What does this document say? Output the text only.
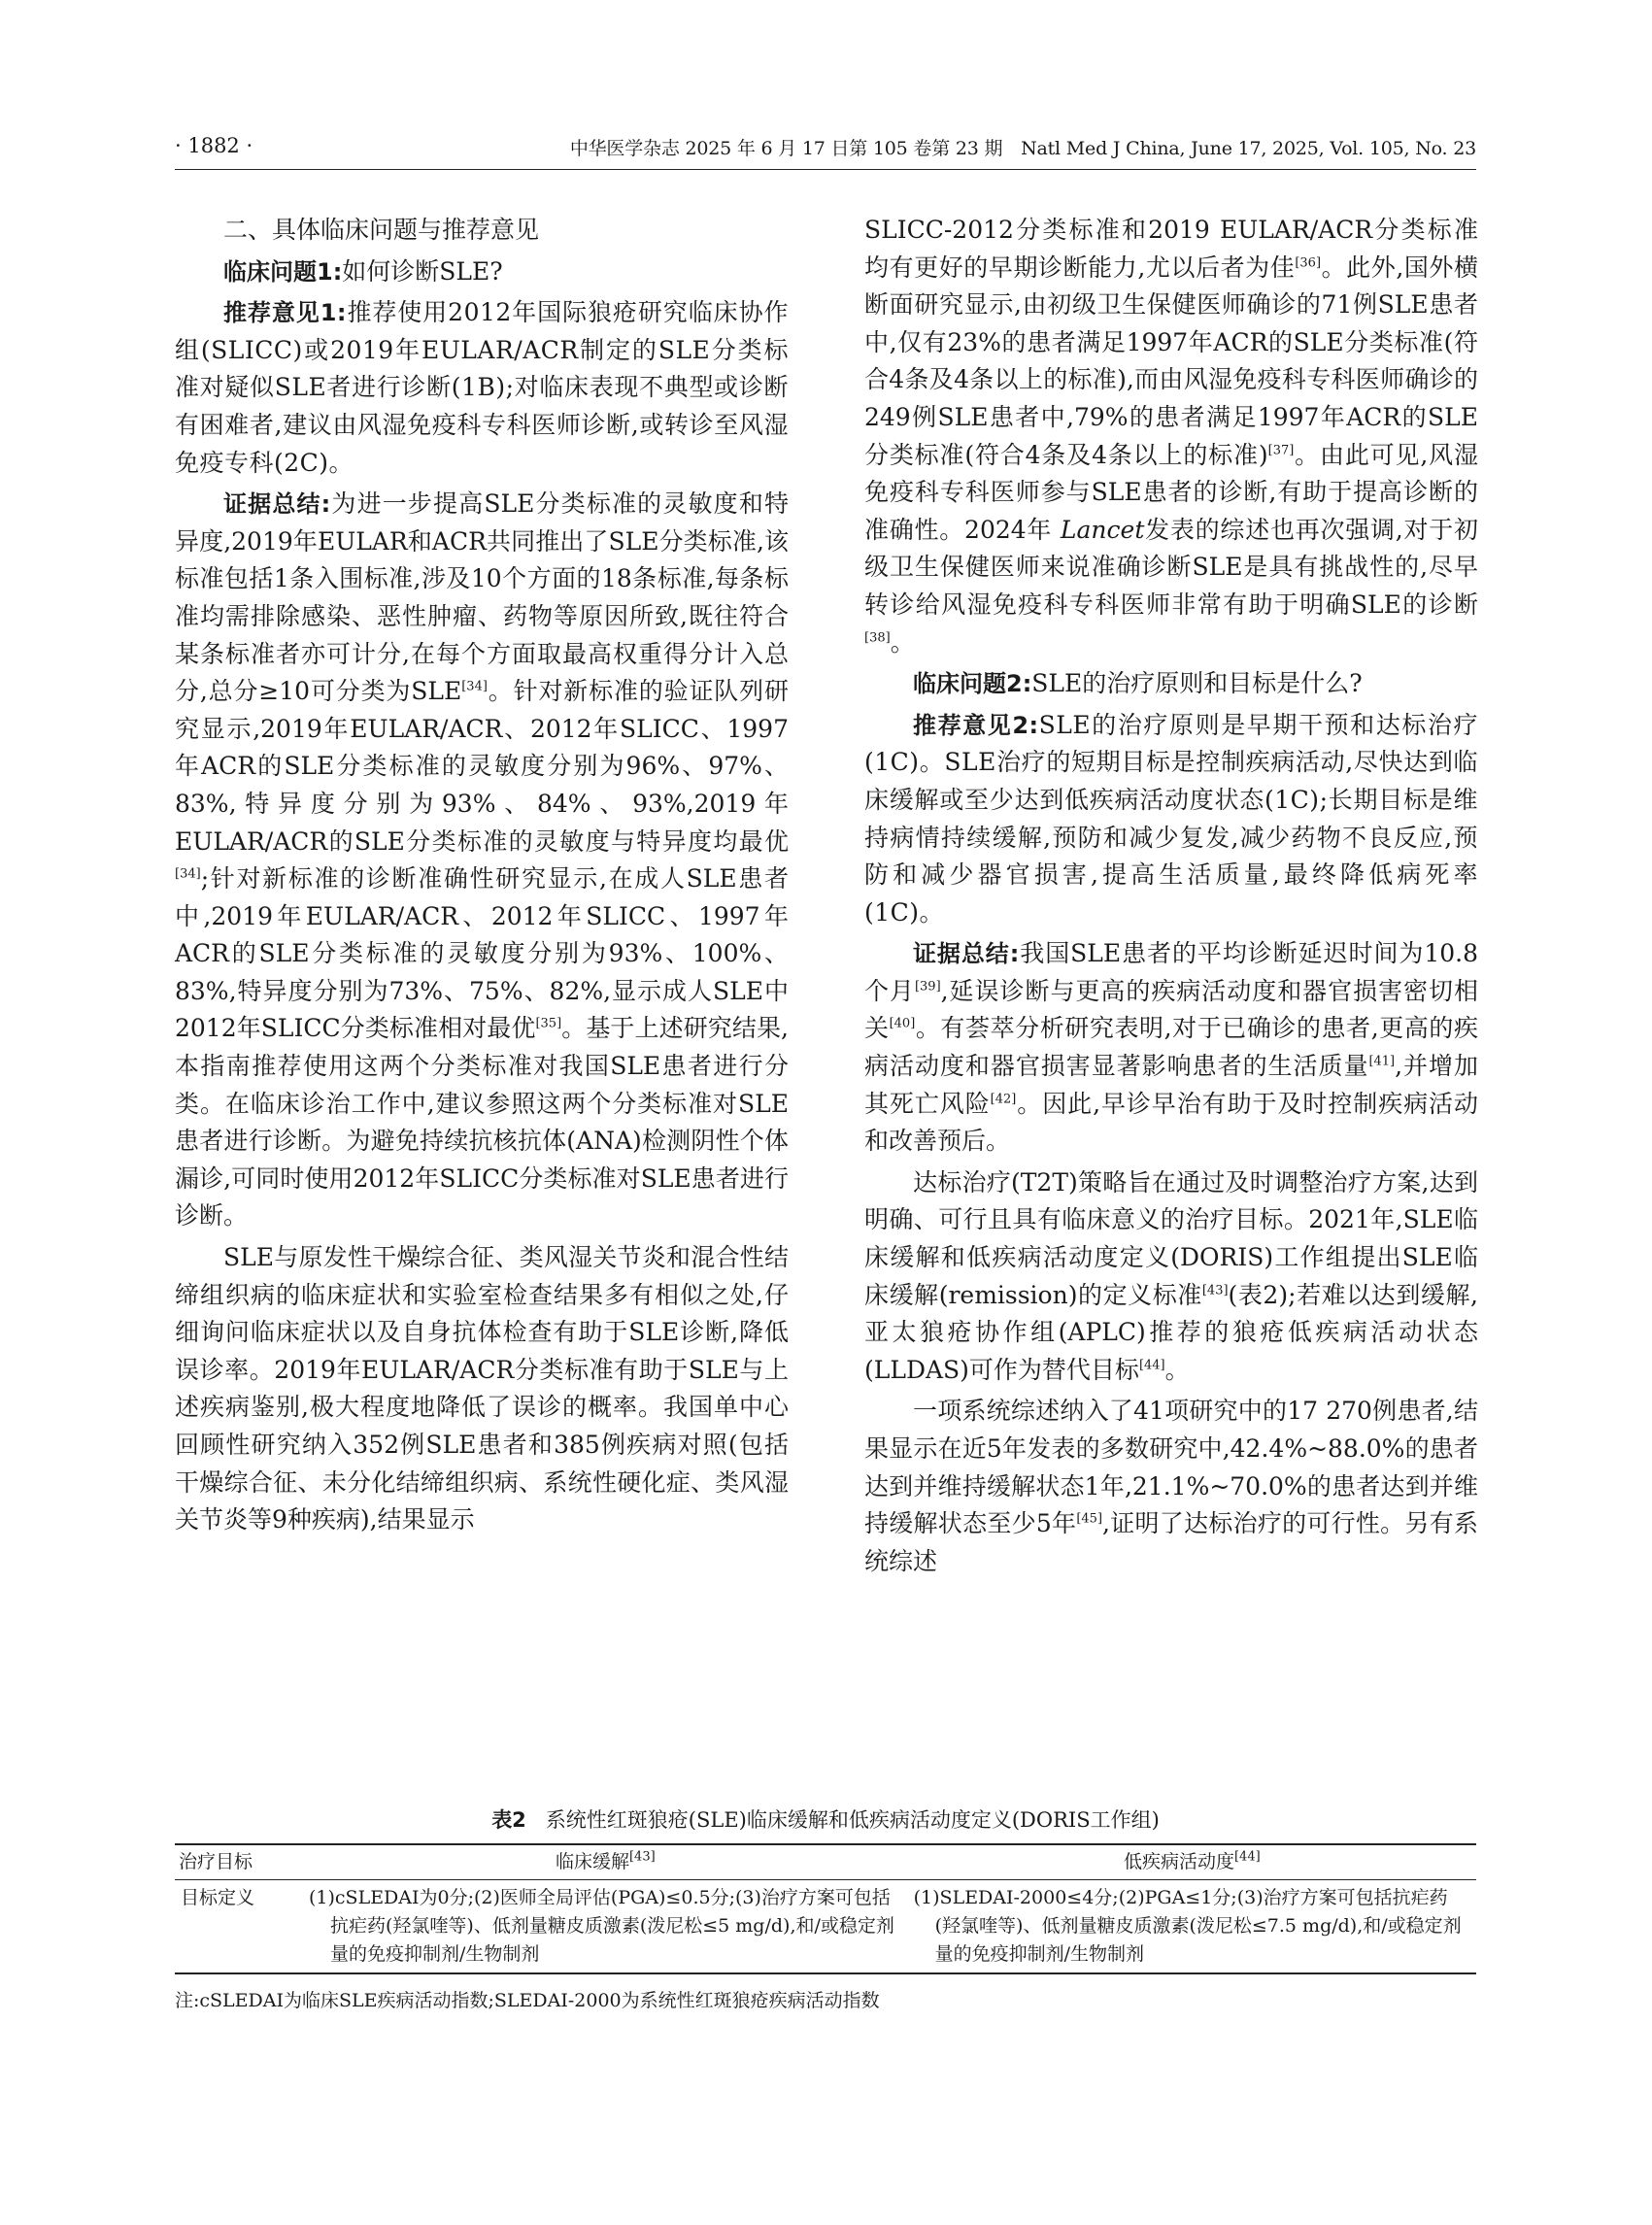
· 1882 ·	中华医学杂志 2025 年 6 月 17 日第 105 卷第 23 期　Natl Med J China, June 17, 2025, Vol. 105, No. 23

二、具体临床问题与推荐意见

临床问题1:如何诊断SLE?

推荐意见1:推荐使用2012年国际狼疮研究临床协作组(SLICC)或2019年EULAR/ACR制定的SLE分类标准对疑似SLE者进行诊断(1B);对临床表现不典型或诊断有困难者,建议由风湿免疫科专科医师诊断,或转诊至风湿免疫专科(2C)。

证据总结:为进一步提高SLE分类标准的灵敏度和特异度,2019年EULAR和ACR共同推出了SLE分类标准,该标准包括1条入围标准,涉及10个方面的18条标准,每条标准均需排除感染、恶性肿瘤、药物等原因所致,既往符合某条标准者亦可计分,在每个方面取最高权重得分计入总分,总分≥10可分类为SLE[34]。针对新标准的验证队列研究显示,2019年EULAR/ACR、2012年SLICC、1997年ACR的SLE分类标准的灵敏度分别为96%、97%、83%,特异度分别为93%、84%、93%,2019年EULAR/ACR的SLE分类标准的灵敏度与特异度均最优[34];针对新标准的诊断准确性研究显示,在成人SLE患者中,2019年EULAR/ACR、2012年SLICC、1997年ACR的SLE分类标准的灵敏度分别为93%、100%、83%,特异度分别为73%、75%、82%,显示成人SLE中2012年SLICC分类标准相对最优[35]。基于上述研究结果,本指南推荐使用这两个分类标准对我国SLE患者进行分类。在临床诊治工作中,建议参照这两个分类标准对SLE患者进行诊断。为避免持续抗核抗体(ANA)检测阴性个体漏诊,可同时使用2012年SLICC分类标准对SLE患者进行诊断。

SLE与原发性干燥综合征、类风湿关节炎和混合性结缔组织病的临床症状和实验室检查结果多有相似之处,仔细询问临床症状以及自身抗体检查有助于SLE诊断,降低误诊率。2019年EULAR/ACR分类标准有助于SLE与上述疾病鉴别,极大程度地降低了误诊的概率。我国单中心回顾性研究纳入352例SLE患者和385例疾病对照(包括干燥综合征、未分化结缔组织病、系统性硬化症、类风湿关节炎等9种疾病),结果显示

SLICC-2012分类标准和2019 EULAR/ACR分类标准均有更好的早期诊断能力,尤以后者为佳[36]。此外,国外横断面研究显示,由初级卫生保健医师确诊的71例SLE患者中,仅有23%的患者满足1997年ACR的SLE分类标准(符合4条及4条以上的标准),而由风湿免疫科专科医师确诊的249例SLE患者中,79%的患者满足1997年ACR的SLE分类标准(符合4条及4条以上的标准)[37]。由此可见,风湿免疫科专科医师参与SLE患者的诊断,有助于提高诊断的准确性。2024年 Lancet发表的综述也再次强调,对于初级卫生保健医师来说准确诊断SLE是具有挑战性的,尽早转诊给风湿免疫科专科医师非常有助于明确SLE的诊断[38]。

临床问题2:SLE的治疗原则和目标是什么?

推荐意见2:SLE的治疗原则是早期干预和达标治疗(1C)。SLE治疗的短期目标是控制疾病活动,尽快达到临床缓解或至少达到低疾病活动度状态(1C);长期目标是维持病情持续缓解,预防和减少复发,减少药物不良反应,预防和减少器官损害,提高生活质量,最终降低病死率(1C)。

证据总结:我国SLE患者的平均诊断延迟时间为10.8个月[39],延误诊断与更高的疾病活动度和器官损害密切相关[40]。有荟萃分析研究表明,对于已确诊的患者,更高的疾病活动度和器官损害显著影响患者的生活质量[41],并增加其死亡风险[42]。因此,早诊早治有助于及时控制疾病活动和改善预后。

达标治疗(T2T)策略旨在通过及时调整治疗方案,达到明确、可行且具有临床意义的治疗目标。2021年,SLE临床缓解和低疾病活动度定义(DORIS)工作组提出SLE临床缓解(remission)的定义标准[43](表2);若难以达到缓解,亚太狼疮协作组(APLC)推荐的狼疮低疾病活动状态(LLDAS)可作为替代目标[44]。

一项系统综述纳入了41项研究中的17 270例患者,结果显示在近5年发表的多数研究中,42.4%~88.0%的患者达到并维持缓解状态1年,21.1%~70.0%的患者达到并维持缓解状态至少5年[45],证明了达标治疗的可行性。另有系统综述

表2 系统性红斑狼疮(SLE)临床缓解和低疾病活动度定义(DORIS工作组)
治疗目标	临床缓解[43]	低疾病活动度[44]
目标定义	(1)cSLEDAI为0分;(2)医师全局评估(PGA)≤0.5分;(3)治疗方案可包括抗疟药(羟氯喹等)、低剂量糖皮质激素(泼尼松≤5 mg/d),和/或稳定剂量的免疫抑制剂/生物制剂	(1)SLEDAI-2000≤4分;(2)PGA≤1分;(3)治疗方案可包括抗疟药(羟氯喹等)、低剂量糖皮质激素(泼尼松≤7.5 mg/d),和/或稳定剂量的免疫抑制剂/生物制剂
注:cSLEDAI为临床SLE疾病活动指数;SLEDAI-2000为系统性红斑狼疮疾病活动指数
